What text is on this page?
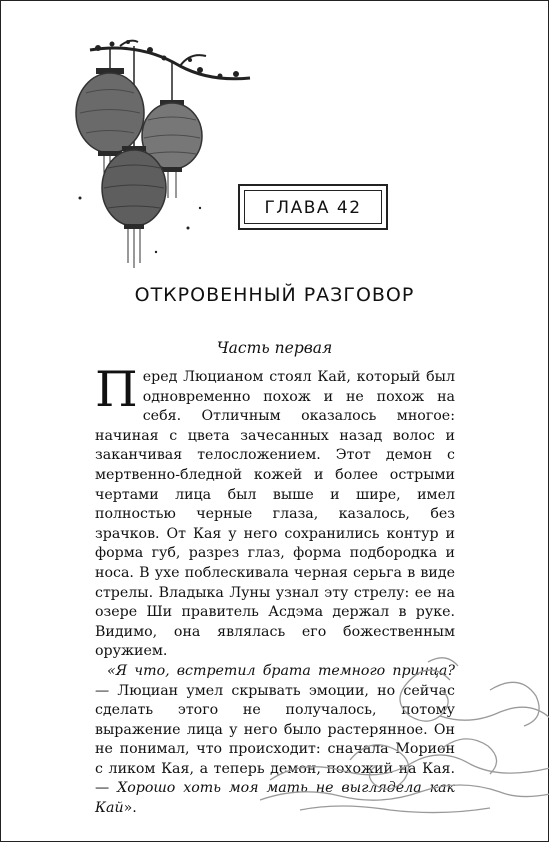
ГЛАВА 42
ОТКРОВЕННЫЙ РАЗГОВОР
Часть первая

Перед Люцианом стоял Кай, который был одновременно похож и не похож на себя. Отличным оказалось многое: начиная с цвета зачесанных назад волос и заканчивая телосложением. Этот демон с мертвенно-бледной кожей и более острыми чертами лица был выше и шире, имел полностью черные глаза, казалось, без зрачков. От Кая у него сохранились контур и форма губ, разрез глаз, форма подбородка и носа. В ухе поблескивала черная серьга в виде стрелы. Владыка Луны узнал эту стрелу: ее на озере Ши правитель Асдэма держал в руке. Видимо, она являлась его божественным оружием.

«Я что, встретил брата темного принца? — Люциан умел скрывать эмоции, но сейчас сделать этого не получалось, потому выражение лица у него было растерянное. Он не понимал, что происходит: сначала Морион с ликом Кая, а теперь демон, похожий на Кая. — Хорошо хоть моя мать не выглядела как Кай».
